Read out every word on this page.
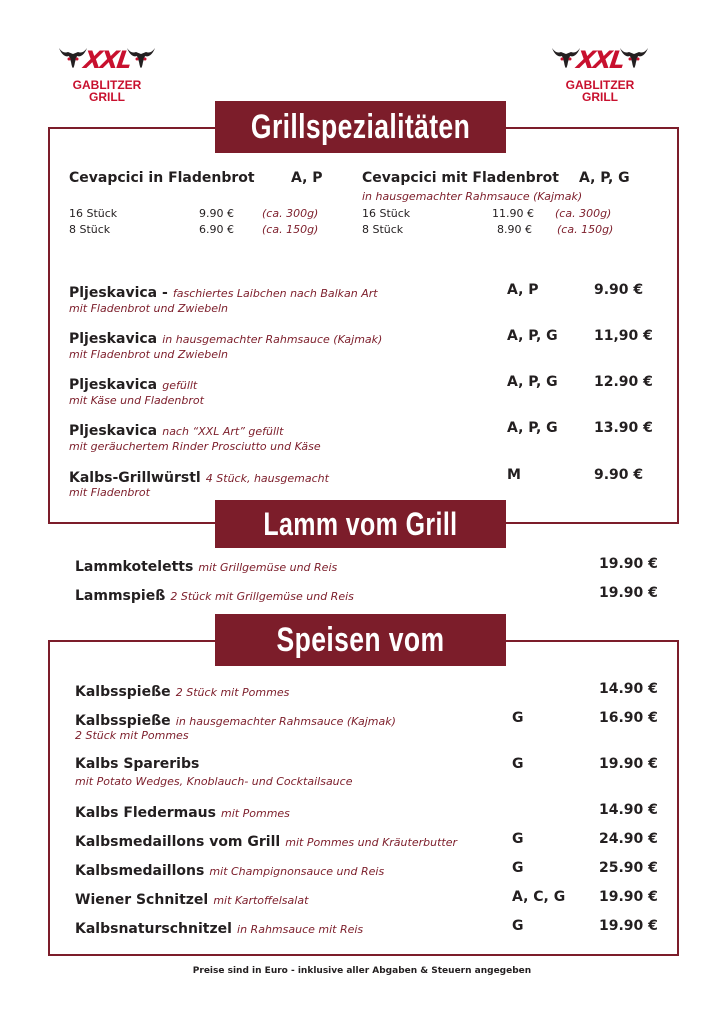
XXL
GABLITZER
GRILL
XXL
GABLITZER
GRILL
Grillspezialitäten
Cevapcici in Fladenbrot	A, P
16 Stück	9.90 €	(ca. 300g)
8 Stück	6.90 €	(ca. 150g)
Cevapcici mit Fladenbrot A, P, G
in hausgemachter Rahmsauce (Kajmak)
16 Stück	11.90 € (ca. 300g)
8 Stück	8.90 € (ca. 150g)
Pljeskavica - faschiertes Laibchen nach Balkan Art
mit Fladenbrot und Zwiebeln
A, P	9.90 €
Pljeskavica in hausgemachter Rahmsauce (Kajmak)
mit Fladenbrot und Zwiebeln
A, P, G	11,90 €
Pljeskavica gefüllt
mit Käse und Fladenbrot
A, P, G	12.90 €
Pljeskavica nach “XXL Art” gefüllt
mit geräuchertem Rinder Prosciutto und Käse
A, P, G	13.90 €
Kalbs-Grillwürstl 4 Stück, hausgemacht
mit Fladenbrot
M	9.90 €
Lamm vom Grill
Lammkoteletts mit Grillgemüse und Reis	19.90 €
Lammspieß 2 Stück mit Grillgemüse und Reis	19.90 €
Speisen vom Kalb
Kalbsspieße 2 Stück mit Pommes	14.90 €
Kalbsspieße in hausgemachter Rahmsauce (Kajmak)
2 Stück mit Pommes
G	16.90 €
Kalbs Spareribs
mit Potato Wedges, Knoblauch- und Cocktailsauce
G	19.90 €
Kalbs Fledermaus mit Pommes	14.90 €
Kalbsmedaillons vom Grill mit Pommes und Kräuterbutter	G	24.90 €
Kalbsmedaillons mit Champignonsauce und Reis	G	25.90 €
Wiener Schnitzel mit Kartoffelsalat	A, C, G 19.90 €
Kalbsnaturschnitzel in Rahmsauce mit Reis	G	19.90 €
Preise sind in Euro - inklusive aller Abgaben & Steuern angegeben
